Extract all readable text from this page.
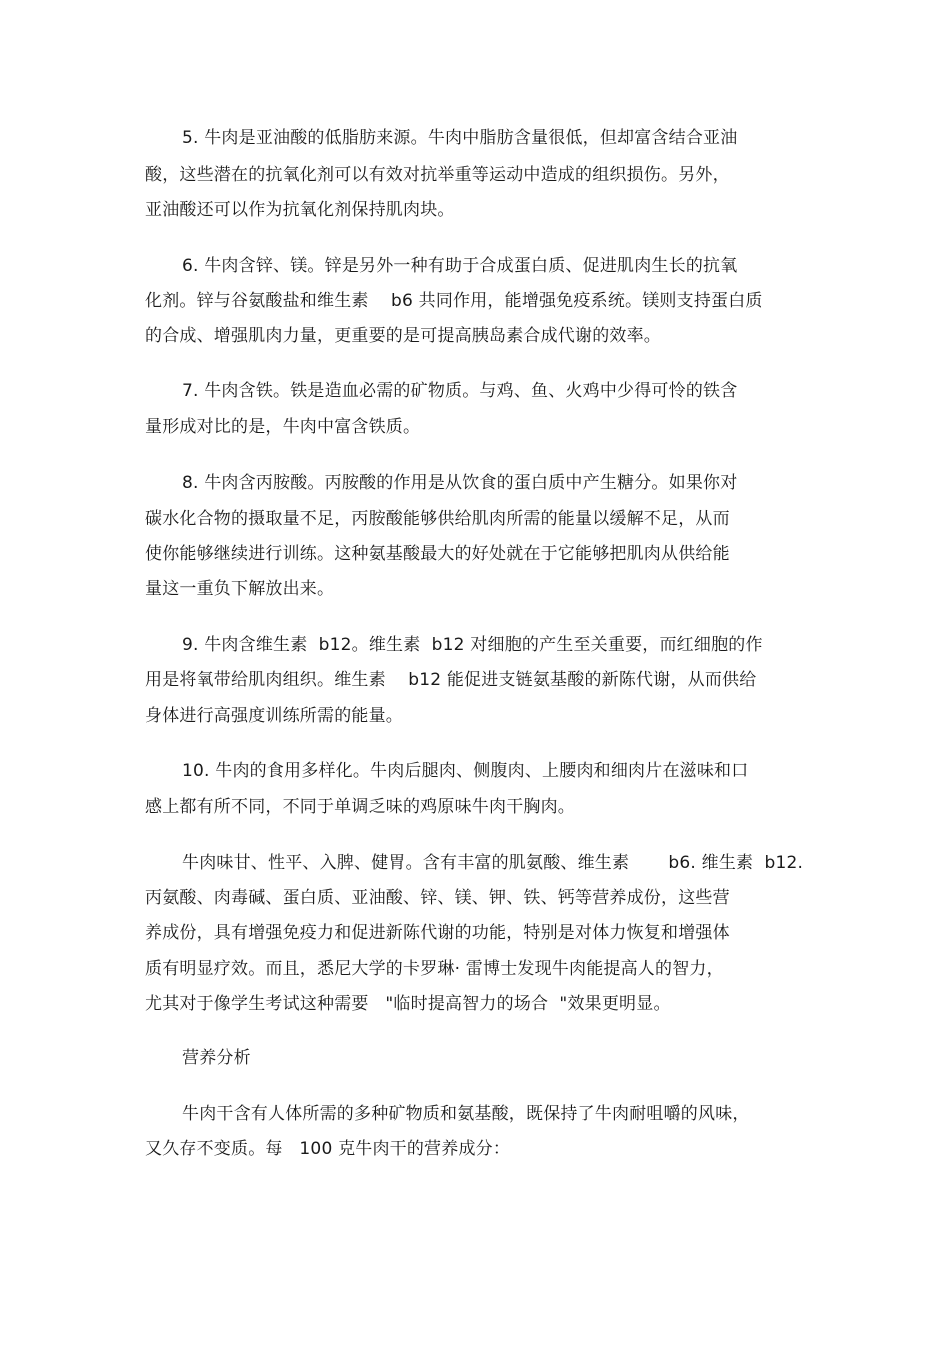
5. 牛肉是亚油酸的低脂肪来源。牛肉中脂肪含量很低，但却富含结合亚油
酸，这些潜在的抗氧化剂可以有效对抗举重等运动中造成的组织损伤。另外，
亚油酸还可以作为抗氧化剂保持肌肉块。
6. 牛肉含锌、镁。锌是另外一种有助于合成蛋白质、促进肌肉生长的抗氧
化剂。锌与谷氨酸盐和维生素    b6 共同作用，能增强免疫系统。镁则支持蛋白质
的合成、增强肌肉力量，更重要的是可提高胰岛素合成代谢的效率。
7. 牛肉含铁。铁是造血必需的矿物质。与鸡、鱼、火鸡中少得可怜的铁含
量形成对比的是，牛肉中富含铁质。
8. 牛肉含丙胺酸。丙胺酸的作用是从饮食的蛋白质中产生糖分。如果你对
碳水化合物的摄取量不足，丙胺酸能够供给肌肉所需的能量以缓解不足，从而
使你能够继续进行训练。这种氨基酸最大的好处就在于它能够把肌肉从供给能
量这一重负下解放出来。
9. 牛肉含维生素  b12。维生素  b12 对细胞的产生至关重要，而红细胞的作
用是将氧带给肌肉组织。维生素    b12 能促进支链氨基酸的新陈代谢，从而供给
身体进行高强度训练所需的能量。
10. 牛肉的食用多样化。牛肉后腿肉、侧腹肉、上腰肉和细肉片在滋味和口
感上都有所不同，不同于单调乏味的鸡原味牛肉干胸肉。
牛肉味甘、性平、入脾、健胃。含有丰富的肌氨酸、维生素       b6. 维生素  b12.
丙氨酸、肉毒碱、蛋白质、亚油酸、锌、镁、钾、铁、钙等营养成份，这些营
养成份，具有增强免疫力和促进新陈代谢的功能，特别是对体力恢复和增强体
质有明显疗效。而且，悉尼大学的卡罗琳· 雷博士发现牛肉能提高人的智力，
尤其对于像学生考试这种需要   "临时提高智力的场合  "效果更明显。
营养分析
牛肉干含有人体所需的多种矿物质和氨基酸，既保持了牛肉耐咀嚼的风味，
又久存不变质。每   100 克牛肉干的营养成分：
